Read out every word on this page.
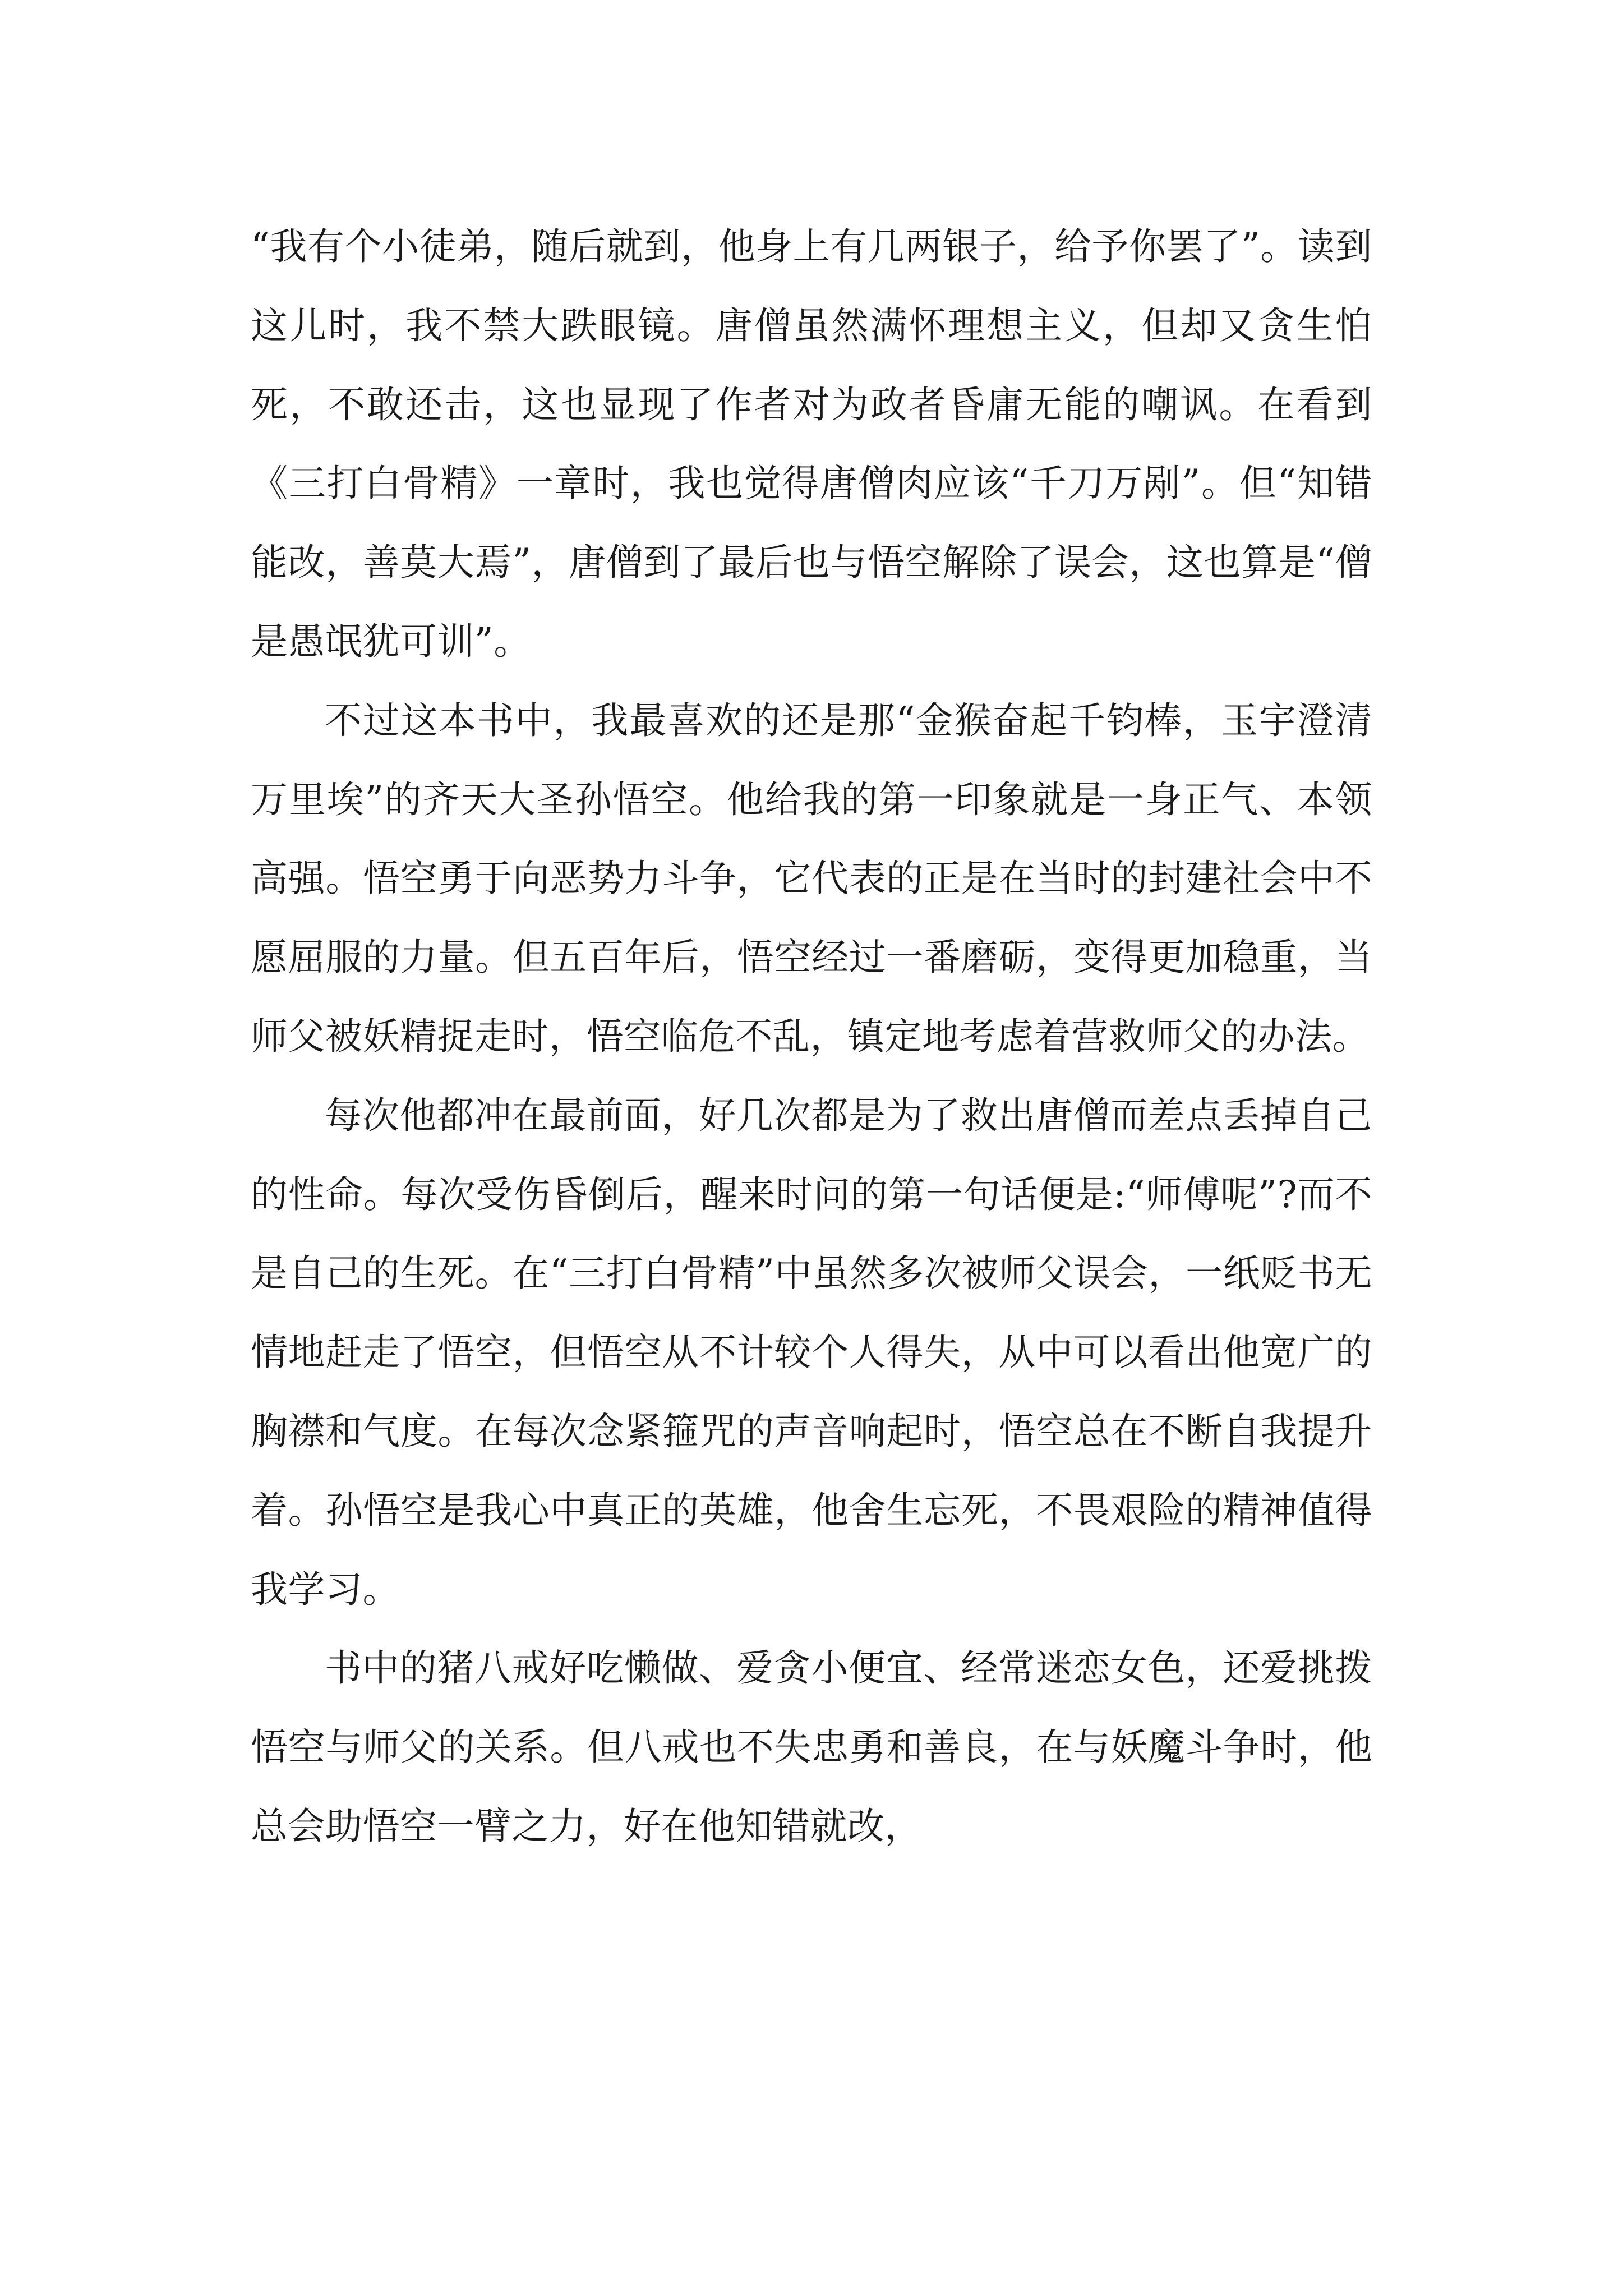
“我有个小徒弟，随后就到，他身上有几两银子，给予你罢了”。读到这儿时，我不禁大跌眼镜。唐僧虽然满怀理想主义，但却又贪生怕死，不敢还击，这也显现了作者对为政者昏庸无能的嘲讽。在看到《三打白骨精》一章时，我也觉得唐僧肉应该“千刀万剐”。但“知错能改，善莫大焉”，唐僧到了最后也与悟空解除了误会，这也算是“僧是愚氓犹可训”。

不过这本书中，我最喜欢的还是那“金猴奋起千钧棒，玉宇澄清万里埃”的齐天大圣孙悟空。他给我的第一印象就是一身正气、本领高强。悟空勇于向恶势力斗争，它代表的正是在当时的封建社会中不愿屈服的力量。但五百年后，悟空经过一番磨砺，变得更加稳重，当师父被妖精捉走时，悟空临危不乱，镇定地考虑着营救师父的办法。

每次他都冲在最前面，好几次都是为了救出唐僧而差点丢掉自己的性命。每次受伤昏倒后，醒来时问的第一句话便是:“师傅呢”?而不是自己的生死。在“三打白骨精”中虽然多次被师父误会，一纸贬书无情地赶走了悟空，但悟空从不计较个人得失，从中可以看出他宽广的胸襟和气度。在每次念紧箍咒的声音响起时，悟空总在不断自我提升着。孙悟空是我心中真正的英雄，他舍生忘死，不畏艰险的精神值得我学习。

书中的猪八戒好吃懒做、爱贪小便宜、经常迷恋女色，还爱挑拨悟空与师父的关系。但八戒也不失忠勇和善良，在与妖魔斗争时，他总会助悟空一臂之力，好在他知错就改，
